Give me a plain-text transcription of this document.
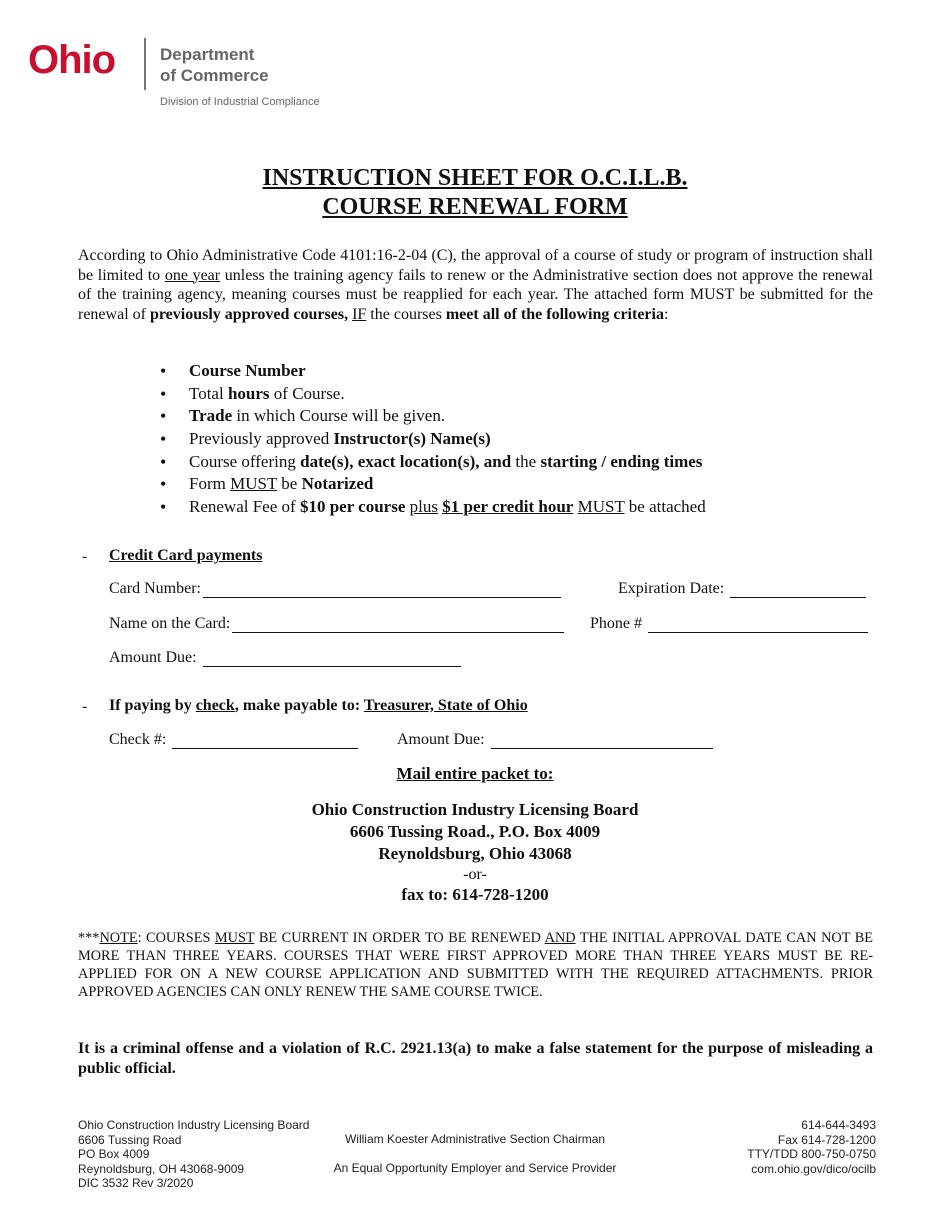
Ohio	Department
of Commerce
Division of Industrial Compliance
INSTRUCTION SHEET FOR O.C.I.L.B.
COURSE RENEWAL FORM
According to Ohio Administrative Code 4101:16-2-04 (C), the approval of a course of study or program of instruction shall be limited to one year unless the training agency fails to renew or the Administrative section does not approve the renewal of the training agency, meaning courses must be reapplied for each year. The attached form MUST be submitted for the renewal of previously approved courses, IF the courses meet all of the following criteria:
• Course Number
• Total hours of Course.
• Trade in which Course will be given.
• Previously approved Instructor(s) Name(s)
• Course offering date(s), exact location(s), and the starting / ending times
• Form MUST be Notarized
• Renewal Fee of $10 per course plus $1 per credit hour MUST be attached
- Credit Card payments
Card Number:	Expiration Date:
Name on the Card:	Phone #
Amount Due:
- If paying by check, make payable to: Treasurer, State of Ohio
Check #:	Amount Due:
Mail entire packet to:
Ohio Construction Industry Licensing Board
6606 Tussing Road., P.O. Box 4009
Reynoldsburg, Ohio 43068
-or-
fax to: 614-728-1200
***NOTE: COURSES MUST BE CURRENT IN ORDER TO BE RENEWED AND THE INITIAL APPROVAL DATE CAN NOT BE MORE THAN THREE YEARS. COURSES THAT WERE FIRST APPROVED MORE THAN THREE YEARS MUST BE RE-APPLIED FOR ON A NEW COURSE APPLICATION AND SUBMITTED WITH THE REQUIRED ATTACHMENTS. PRIOR APPROVED AGENCIES CAN ONLY RENEW THE SAME COURSE TWICE.
It is a criminal offense and a violation of R.C. 2921.13(a) to make a false statement for the purpose of misleading a public official.
Ohio Construction Industry Licensing Board
6606 Tussing Road
PO Box 4009
Reynoldsburg, OH 43068-9009
DIC 3532 Rev 3/2020
William Koester Administrative Section Chairman
An Equal Opportunity Employer and Service Provider
614-644-3493
Fax 614-728-1200
TTY/TDD 800-750-0750
com.ohio.gov/dico/ocilb
